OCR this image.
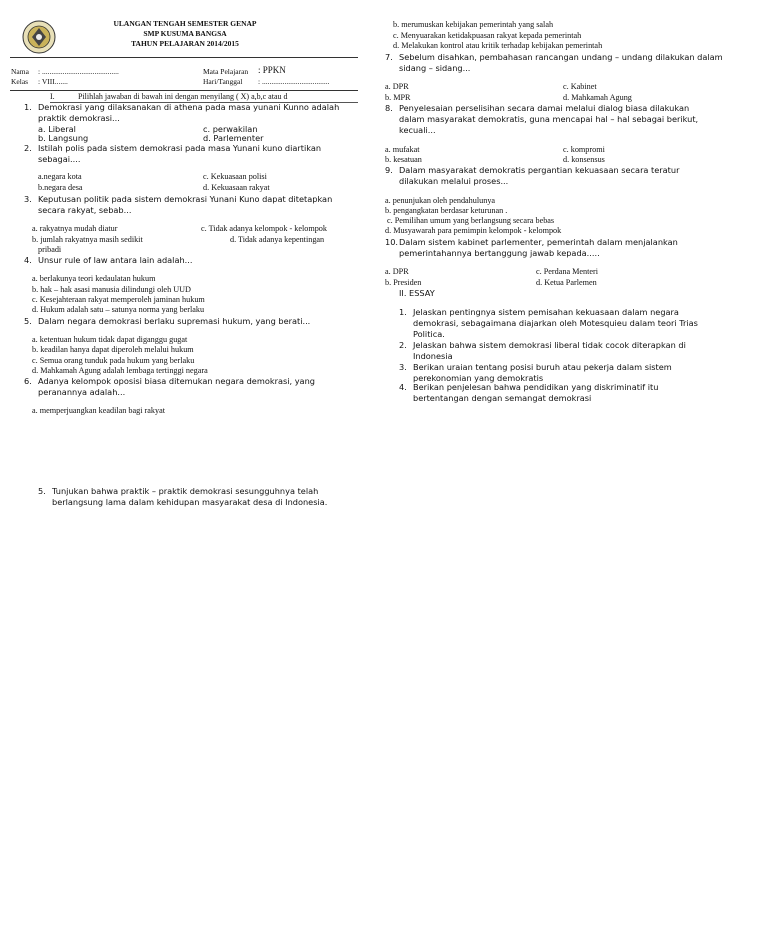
ULANGAN TENGAH SEMESTER GENAP
SMP KUSUMA BANGSA
TAHUN PELAJARAN 2014/2015
Nama : .........................................
Kelas : VIII.......
Mata Pelajaran : PPKN
Hari/Tanggal : ....................................
I.	Pilihlah jawaban di bawah ini dengan menyilang ( X) a,b,c atau d
1. Demokrasi yang dilaksanakan di athena pada masa yunani Kunno adalah praktik demokrasi...
a. Liberal
b. Langsung
c. perwakilan
d. Parlementer
2. Istilah polis pada sistem demokrasi pada masa Yunani kuno diartikan sebagai....
a.negara kota
b.negara desa
c. Kekuasaan polisi
d. Kekuasaan rakyat
3. Keputusan politik pada sistem demokrasi Yunani Kuno dapat ditetapkan secara rakyat, sebab...
a. rakyatnya mudah diatur
b. jumlah rakyatnya masih sedikit
pribadi
c. Tidak adanya kelompok - kelompok
d. Tidak adanya kepentingan
4. Unsur rule of law antara lain adalah...
a. berlakunya teori kedaulatan hukum
b. hak – hak asasi manusia dilindungi oleh UUD
c. Kesejahteraan rakyat memperoleh jaminan hukum
d. Hukum adalah satu – satunya norma yang berlaku
5. Dalam negara demokrasi berlaku supremasi hukum, yang berati...
a. ketentuan hukum tidak dapat diganggu gugat
b. keadilan hanya dapat diperoleh melalui hukum
c. Semua orang tunduk pada hukum yang berlaku
d. Mahkamah Agung adalah lembaga tertinggi negara
6. Adanya kelompok oposisi biasa ditemukan negara demokrasi, yang peranannya adalah...
a. memperjuangkan keadilan bagi rakyat
5. Tunjukan bahwa praktik – praktik demokrasi sesungguhnya telah berlangsung lama dalam kehidupan masyarakat desa di Indonesia.
b. merumuskan kebijakan pemerintah yang salah
c. Menyuarakan ketidakpuasan rakyat kepada pemerintah
d. Melakukan kontrol atau kritik terhadap kebijakan pemerintah
7. Sebelum disahkan, pembahasan rancangan undang – undang dilakukan dalam sidang – sidang...
a. DPR
b. MPR
c. Kabinet
d. Mahkamah Agung
8. Penyelesaian perselisihan secara damai melalui dialog biasa dilakukan dalam masyarakat demokratis, guna mencapai hal – hal sebagai berikut, kecuali...
a. mufakat
b. kesatuan
c. kompromi
d. konsensus
9. Dalam masyarakat demokratis pergantian kekuasaan secara teratur dilakukan melalui proses...
a. penunjukan oleh pendahulunya
b. pengangkatan berdasar keturunan .
c. Pemilihan umum yang berlangsung secara bebas
d. Musyawarah para pemimpin kelompok - kelompok
10. Dalam sistem kabinet parlementer, pemerintah dalam menjalankan pemerintahannya bertanggung jawab kepada.....
a. DPR
b. Presiden
c. Perdana Menteri
d. Ketua Parlemen
II. ESSAY
1. Jelaskan pentingnya sistem pemisahan kekuasaan dalam negara demokrasi, sebagaimana diajarkan oleh Motesquieu dalam teori Trias Politica.
2. Jelaskan bahwa sistem demokrasi liberal tidak cocok diterapkan di Indonesia
3. Berikan uraian tentang posisi buruh atau pekerja dalam sistem perekonomian yang demokratis
4. Berikan penjelesan bahwa pendidikan yang diskriminatif itu bertentangan dengan semangat demokrasi
